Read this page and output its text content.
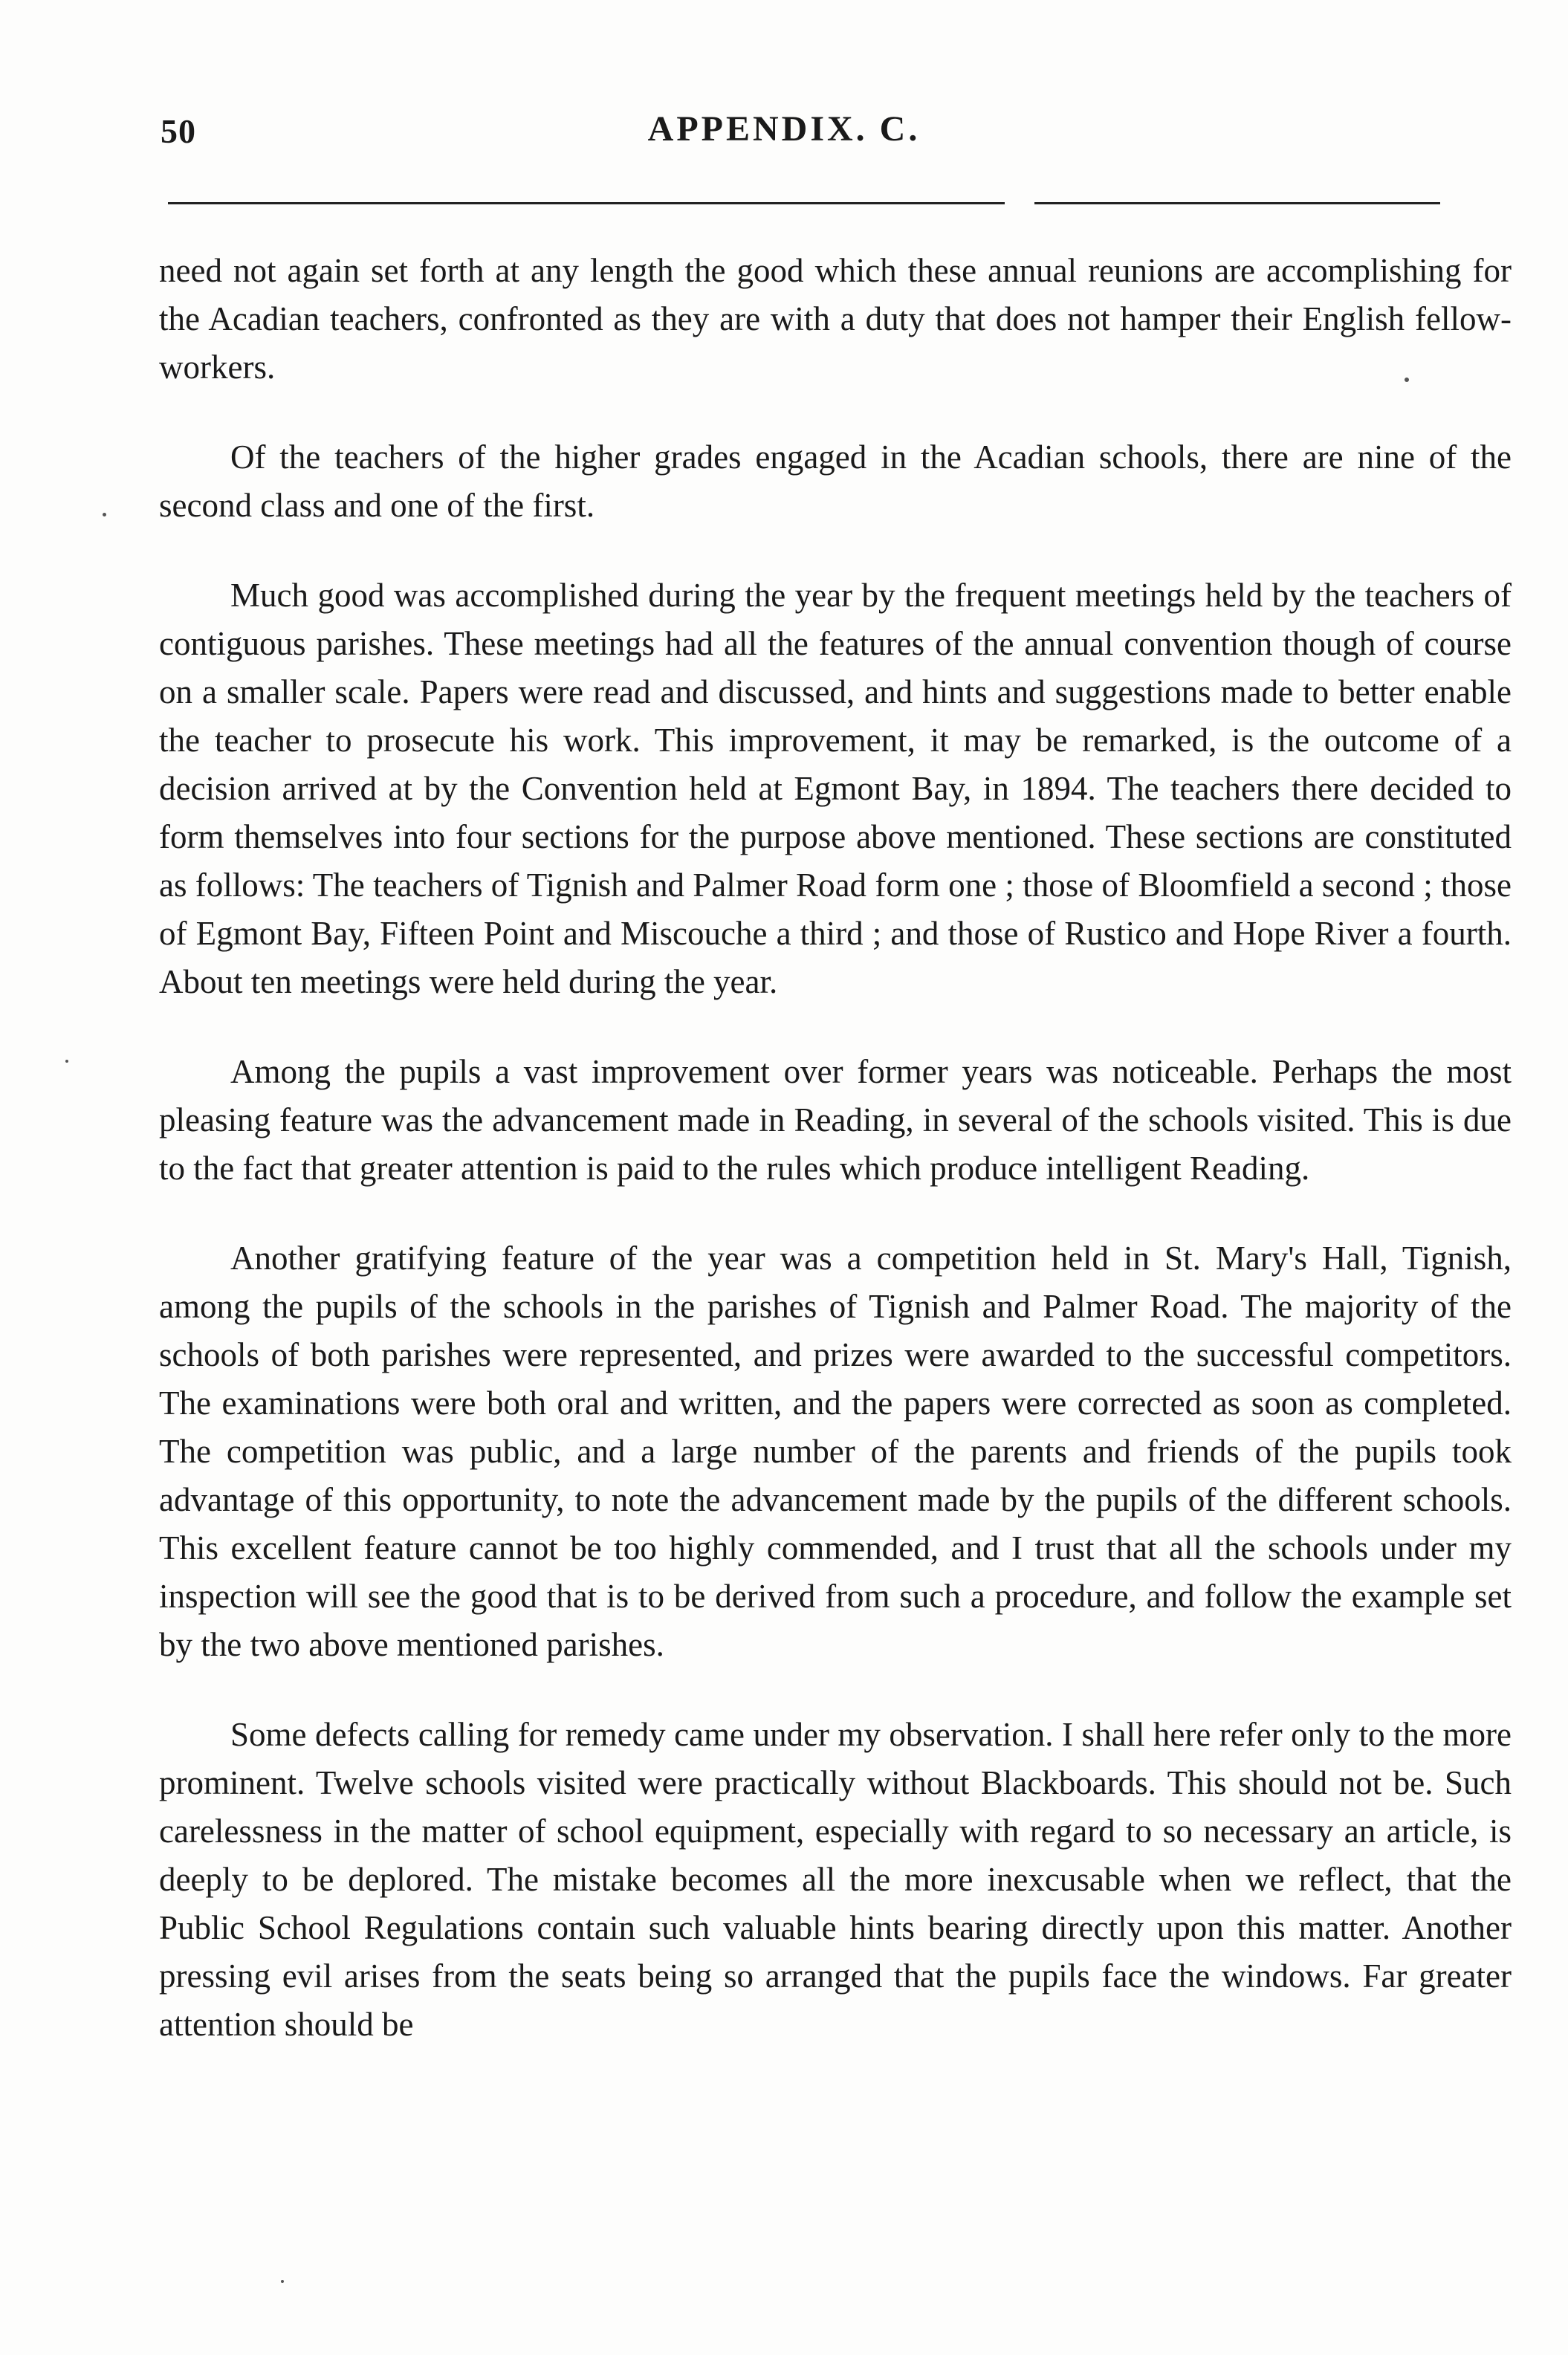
50	APPENDIX. C.

need not again set forth at any length the good which these annual reunions are accomplishing for the Acadian teachers, confronted as they are with a duty that does not hamper their English fellow-workers.

Of the teachers of the higher grades engaged in the Acadian schools, there are nine of the second class and one of the first.

Much good was accomplished during the year by the frequent meetings held by the teachers of contiguous parishes. These meetings had all the features of the annual convention though of course on a smaller scale. Papers were read and discussed, and hints and suggestions made to better enable the teacher to prosecute his work. This improvement, it may be remarked, is the outcome of a decision arrived at by the Convention held at Egmont Bay, in 1894. The teachers there decided to form themselves into four sections for the purpose above mentioned. These sections are constituted as follows: The teachers of Tignish and Palmer Road form one ; those of Bloomfield a second ; those of Egmont Bay, Fifteen Point and Miscouche a third ; and those of Rustico and Hope River a fourth. About ten meetings were held during the year.

Among the pupils a vast improvement over former years was noticeable. Perhaps the most pleasing feature was the advancement made in Reading, in several of the schools visited. This is due to the fact that greater attention is paid to the rules which produce intelligent Reading.

Another gratifying feature of the year was a competition held in St. Mary's Hall, Tignish, among the pupils of the schools in the parishes of Tignish and Palmer Road. The majority of the schools of both parishes were represented, and prizes were awarded to the successful competitors. The examinations were both oral and written, and the papers were corrected as soon as completed. The competition was public, and a large number of the parents and friends of the pupils took advantage of this opportunity, to note the advancement made by the pupils of the different schools. This excellent feature cannot be too highly commended, and I trust that all the schools under my inspection will see the good that is to be derived from such a procedure, and follow the example set by the two above mentioned parishes.

Some defects calling for remedy came under my observation. I shall here refer only to the more prominent. Twelve schools visited were practically without Blackboards. This should not be. Such carelessness in the matter of school equipment, especially with regard to so necessary an article, is deeply to be deplored. The mistake becomes all the more inexcusable when we reflect, that the Public School Regulations contain such valuable hints bearing directly upon this matter. Another pressing evil arises from the seats being so arranged that the pupils face the windows. Far greater attention should be
